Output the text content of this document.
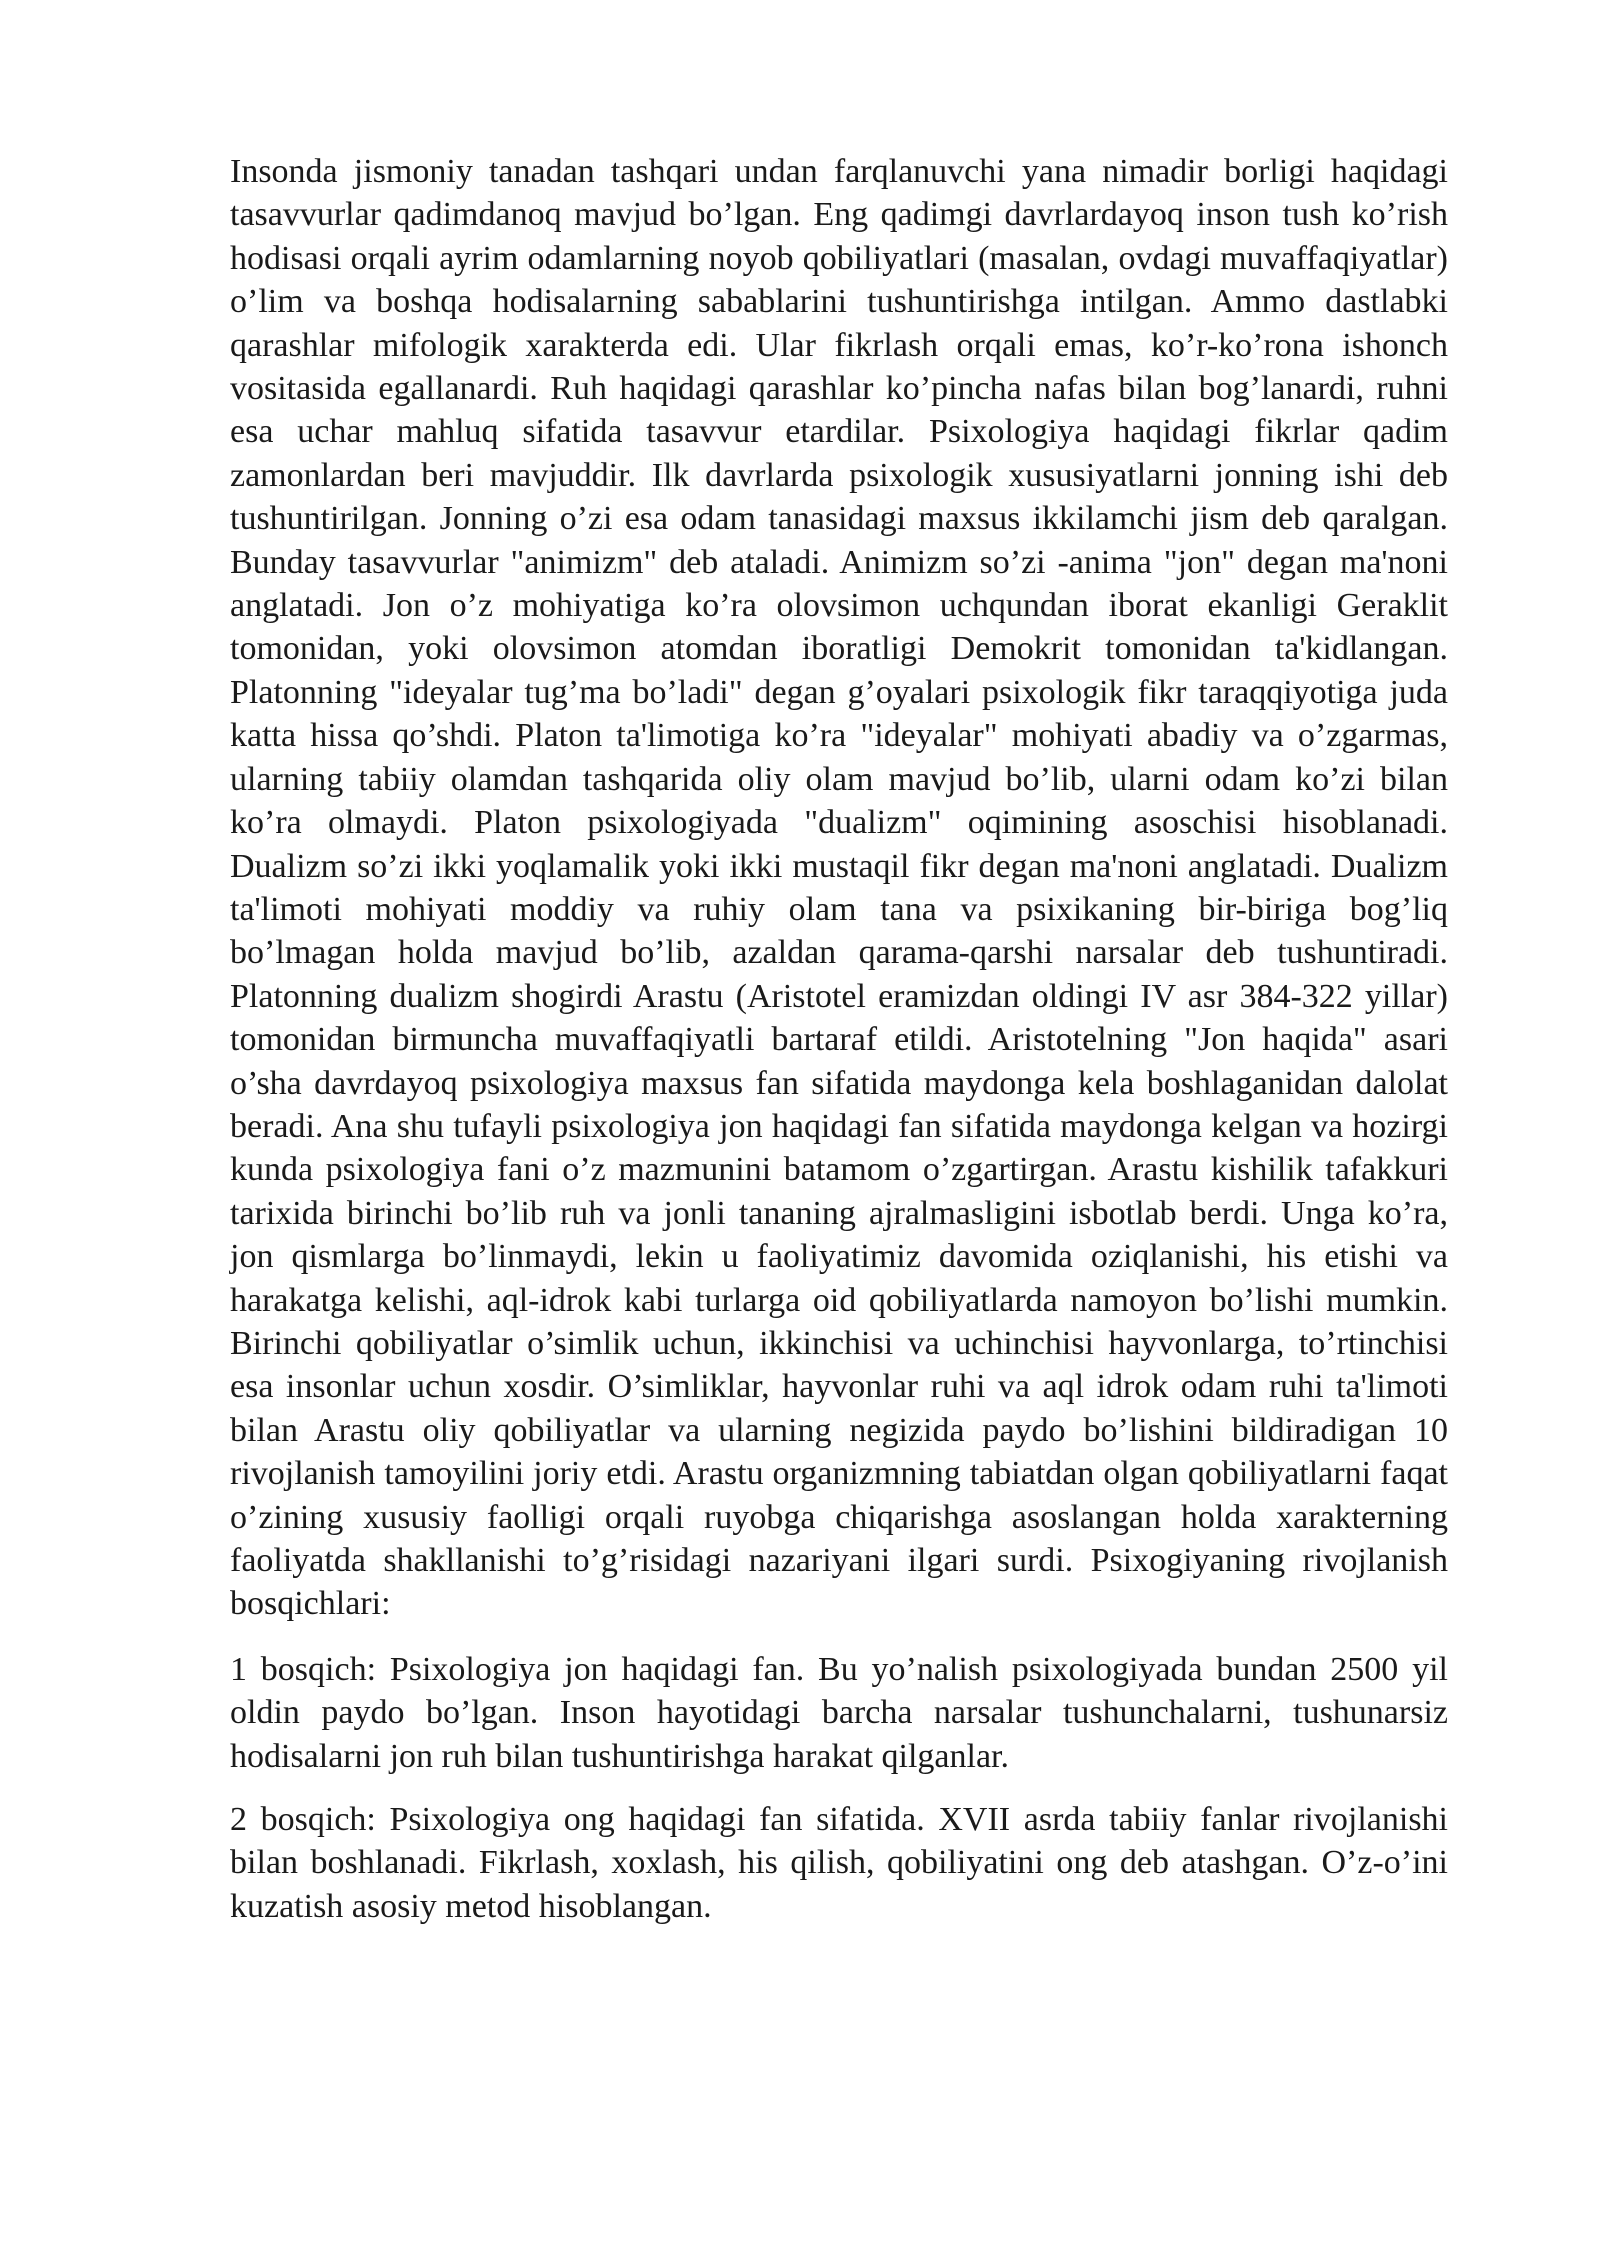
Insonda jismoniy tanadan tashqari undan farqlanuvchi yana nimadir borligi haqidagi tasavvurlar qadimdanoq mavjud bo’lgan. Eng qadimgi davrlardayoq inson tush ko’rish hodisasi orqali ayrim odamlarning noyob qobiliyatlari (masalan, ovdagi muvaffaqiyatlar) o’lim va boshqa hodisalarning sabablarini tushuntirishga intilgan. Ammo dastlabki qarashlar mifologik xarakterda edi. Ular fikrlash orqali emas, ko’r-ko’rona ishonch vositasida egallanardi. Ruh haqidagi qarashlar ko’pincha nafas bilan bog’lanardi, ruhni esa uchar mahluq sifatida tasavvur etardilar. Psixologiya haqidagi fikrlar qadim zamonlardan beri mavjuddir. Ilk davrlarda psixologik xususiyatlarni jonning ishi deb tushuntirilgan. Jonning o’zi esa odam tanasidagi maxsus ikkilamchi jism deb qaralgan. Bunday tasavvurlar "animizm" deb ataladi. Animizm so’zi -anima "jon" degan ma'noni anglatadi. Jon o’z mohiyatiga ko’ra olovsimon uchqundan iborat ekanligi Geraklit tomonidan, yoki olovsimon atomdan iboratligi Demokrit tomonidan ta'kidlangan. Platonning "ideyalar tug’ma bo’ladi" degan g’oyalari psixologik fikr taraqqiyotiga juda katta hissa qo’shdi. Platon ta'limotiga ko’ra "ideyalar" mohiyati abadiy va o’zgarmas, ularning tabiiy olamdan tashqarida oliy olam mavjud bo’lib, ularni odam ko’zi bilan ko’ra olmaydi. Platon psixologiyada "dualizm" oqimining asoschisi hisoblanadi. Dualizm so’zi ikki yoqlamalik yoki ikki mustaqil fikr degan ma'noni anglatadi. Dualizm ta'limoti mohiyati moddiy va ruhiy olam tana va psixikaning bir-biriga bog’liq bo’lmagan holda mavjud bo’lib, azaldan qarama-qarshi narsalar deb tushuntiradi. Platonning dualizm shogirdi Arastu (Aristotel eramizdan oldingi IV asr 384-322 yillar) tomonidan birmuncha muvaffaqiyatli bartaraf etildi. Aristotelning "Jon haqida" asari o’sha davrdayoq psixologiya maxsus fan sifatida maydonga kela boshlaganidan dalolat beradi. Ana shu tufayli psixologiya jon haqidagi fan sifatida maydonga kelgan va hozirgi kunda psixologiya fani o’z mazmunini batamom o’zgartirgan. Arastu kishilik tafakkuri tarixida birinchi bo’lib ruh va jonli tananing ajralmasligini isbotlab berdi. Unga ko’ra, jon qismlarga bo’linmaydi, lekin u faoliyatimiz davomida oziqlanishi, his etishi va harakatga kelishi, aql-idrok kabi turlarga oid qobiliyatlarda namoyon bo’lishi mumkin. Birinchi qobiliyatlar o’simlik uchun, ikkinchisi va uchinchisi hayvonlarga, to’rtinchisi esa insonlar uchun xosdir. O’simliklar, hayvonlar ruhi va aql idrok odam ruhi ta'limoti bilan Arastu oliy qobiliyatlar va ularning negizida paydo bo’lishini bildiradigan 10 rivojlanish tamoyilini joriy etdi. Arastu organizmning tabiatdan olgan qobiliyatlarni faqat o’zining xususiy faolligi orqali ruyobga chiqarishga asoslangan holda xarakterning faoliyatda shakllanishi to’g’risidagi nazariyani ilgari surdi. Psixogiyaning rivojlanish bosqichlari:

1 bosqich: Psixologiya jon haqidagi fan. Bu yo’nalish psixologiyada bundan 2500 yil oldin paydo bo’lgan. Inson hayotidagi barcha narsalar tushunchalarni, tushunarsiz hodisalarni jon ruh bilan tushuntirishga harakat qilganlar.

2 bosqich: Psixologiya ong haqidagi fan sifatida. XVII asrda tabiiy fanlar rivojlanishi bilan boshlanadi. Fikrlash, xoxlash, his qilish, qobiliyatini ong deb atashgan. O’z-o’ini kuzatish asosiy metod hisoblangan.
